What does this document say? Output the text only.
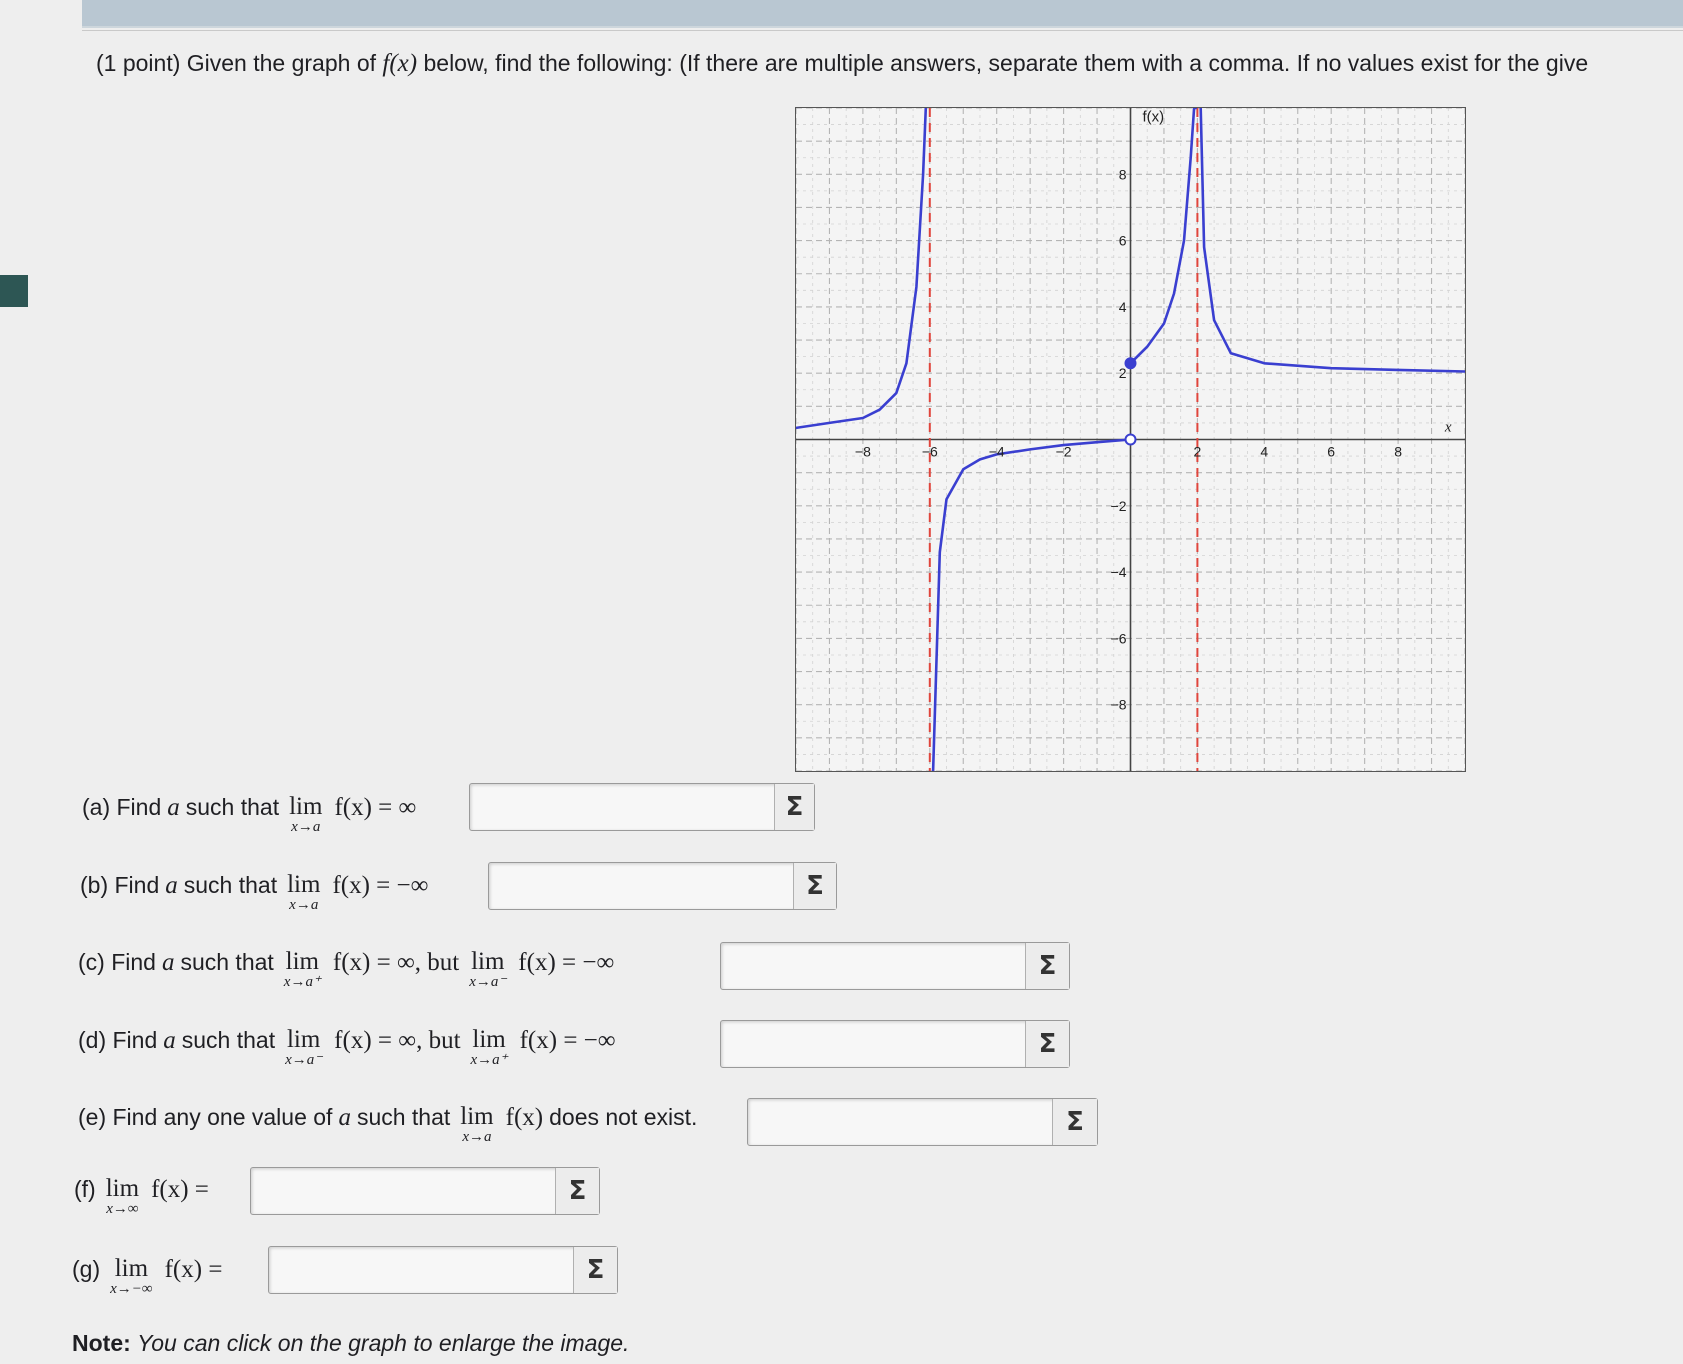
(1 point) Given the graph of f(x) below, find the following: (If there are multiple answers, separate them with a comma. If no values exist for the give
−8	−6	−4	−2	2	4	6	8
8
6
4
2
−2
−4
−6
−8
f(x)
x
(a) Find a such that lim
x→a
f(x) = ∞	Σ
(b) Find a such that lim
x→a
f(x) = −∞	Σ
(c) Find a such that lim
x→a⁺
f(x) = ∞, but lim
x→a⁻
f(x) = −∞	Σ
(d) Find a such that lim
x→a⁻
f(x) = ∞, but lim
x→a⁺
f(x) = −∞	Σ
(e) Find any one value of a such that lim
x→a
f(x) does not exist.	Σ
(f) lim
x→∞
f(x) =	Σ
(g) lim
x→−∞
f(x) =	Σ
Note: You can click on the graph to enlarge the image.
